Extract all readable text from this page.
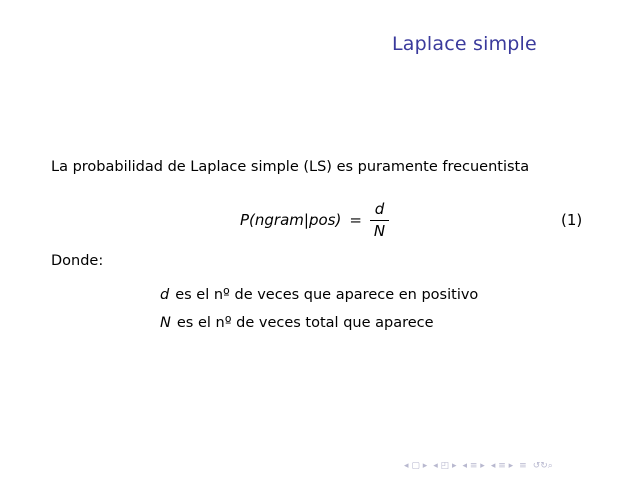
Laplace simple
La probabilidad de Laplace simple (LS) es puramente frecuentista
P(ngram|pos) = $\frac{d}{N}$	(1)
Donde:
d es el nº de veces que aparece en positivo
N es el nº de veces total que aparece
◂ ▢ ▸ ◂ ◰ ▸ ◂ ≡ ▸ ◂ ≡ ▸ ≡ ↺↻⌕
